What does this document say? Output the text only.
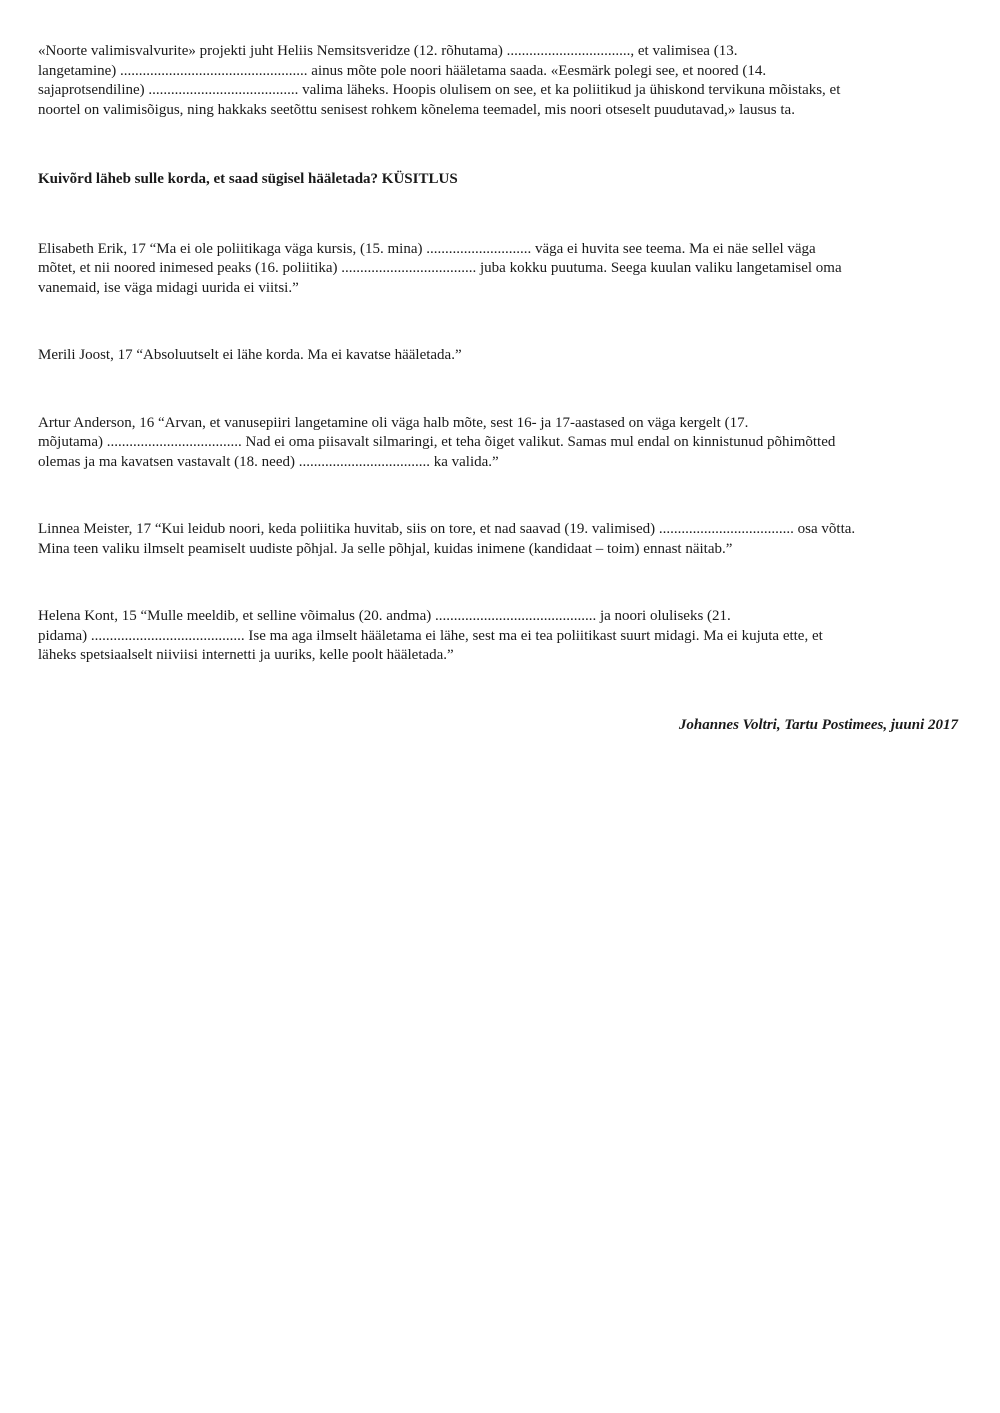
«Noorte valimisvalvurite» projekti juht Heliis Nemsitsveridze (12. rõhutama) ................................., et valimisea (13.
langetamine) .................................................. ainus mõte pole noori hääletama saada. «Eesmärk polegi see, et noored (14.
sajaprotsendiline) ........................................ valima läheks. Hoopis olulisem on see, et ka poliitikud ja ühiskond tervikuna mõistaks, et
noortel on valimisõigus, ning hakkaks seetõttu senisest rohkem kõnelema teemadel, mis noori otseselt puudutavad,» lausus ta.

Kuivõrd läheb sulle korda, et saad sügisel hääletada? KÜSITLUS

Elisabeth Erik, 17 “Ma ei ole poliitikaga väga kursis, (15. mina) ............................ väga ei huvita see teema. Ma ei näe sellel väga
mõtet, et nii noored inimesed peaks (16. poliitika) .................................... juba kokku puutuma. Seega kuulan valiku langetamisel oma
vanemaid, ise väga midagi uurida ei viitsi.”

Merili Joost, 17 “Absoluutselt ei lähe korda. Ma ei kavatse hääletada.”

Artur Anderson, 16 “Arvan, et vanusepiiri langetamine oli väga halb mõte, sest 16- ja 17-aastased on väga kergelt (17.
mõjutama) .................................... Nad ei oma piisavalt silmaringi, et teha õiget valikut. Samas mul endal on kinnistunud põhimõtted
olemas ja ma kavatsen vastavalt (18. need) ................................... ka valida.”

Linnea Meister, 17 “Kui leidub noori, keda poliitika huvitab, siis on tore, et nad saavad (19. valimised) .................................... osa võtta.
Mina teen valiku ilmselt peamiselt uudiste põhjal. Ja selle põhjal, kuidas inimene (kandidaat – toim) ennast näitab.”

Helena Kont, 15 “Mulle meeldib, et selline võimalus (20. andma) ........................................... ja noori oluliseks (21.
pidama) ......................................... Ise ma aga ilmselt hääletama ei lähe, sest ma ei tea poliitikast suurt midagi. Ma ei kujuta ette, et
läheks spetsiaalselt niiviisi internetti ja uuriks, kelle poolt hääletada.”

Johannes Voltri, Tartu Postimees, juuni 2017
